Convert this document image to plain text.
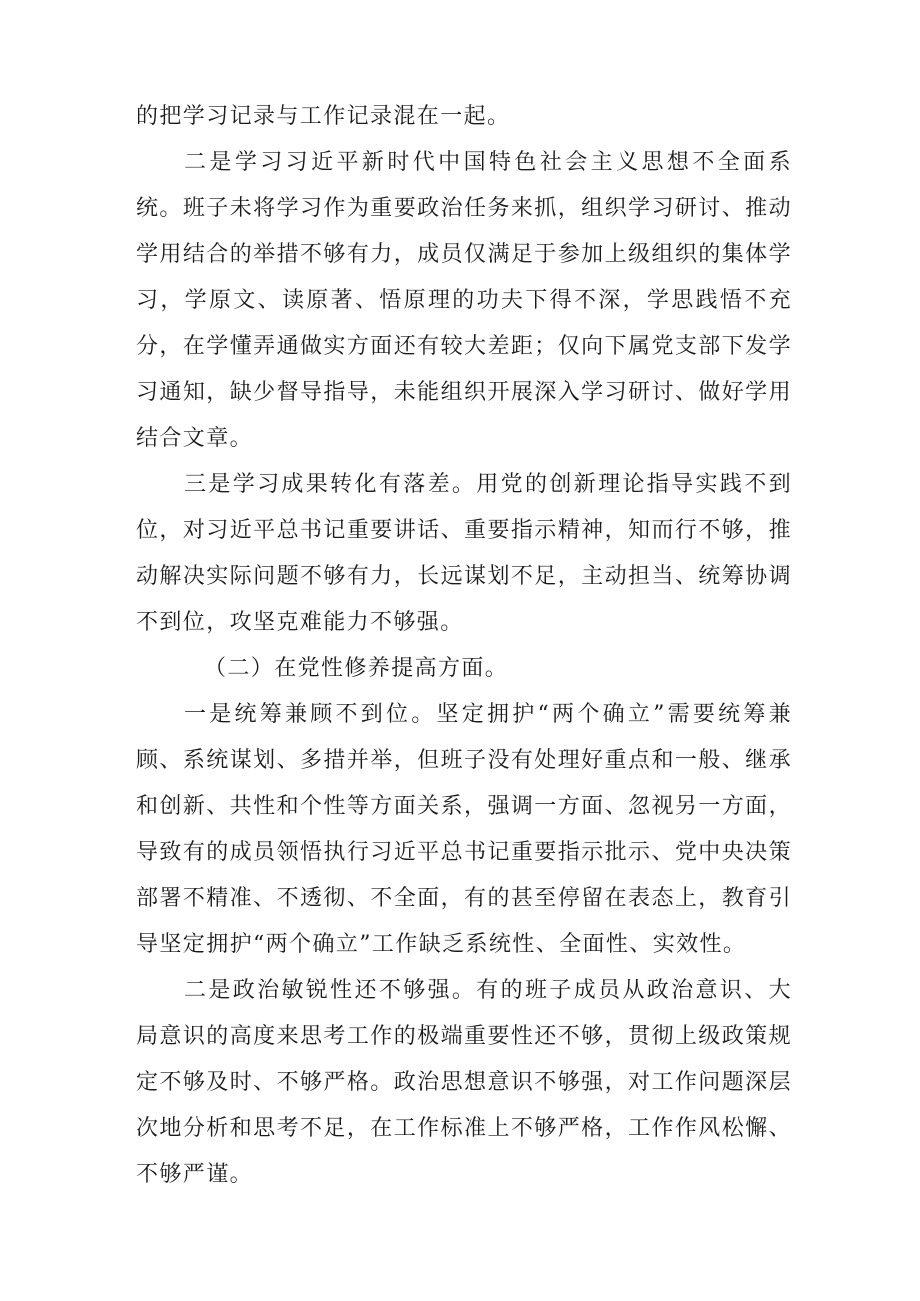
的把学习记录与工作记录混在一起。

二是学习习近平新时代中国特色社会主义思想不全面系统。班子未将学习作为重要政治任务来抓，组织学习研讨、推动学用结合的举措不够有力，成员仅满足于参加上级组织的集体学习，学原文、读原著、悟原理的功夫下得不深，学思践悟不充分，在学懂弄通做实方面还有较大差距；仅向下属党支部下发学习通知，缺少督导指导，未能组织开展深入学习研讨、做好学用结合文章。

三是学习成果转化有落差。用党的创新理论指导实践不到位，对习近平总书记重要讲话、重要指示精神，知而行不够，推动解决实际问题不够有力，长远谋划不足，主动担当、统筹协调不到位，攻坚克难能力不够强。

（二）在党性修养提高方面。

一是统筹兼顾不到位。坚定拥护“两个确立”需要统筹兼顾、系统谋划、多措并举，但班子没有处理好重点和一般、继承和创新、共性和个性等方面关系，强调一方面、忽视另一方面，导致有的成员领悟执行习近平总书记重要指示批示、党中央决策部署不精准、不透彻、不全面，有的甚至停留在表态上，教育引导坚定拥护“两个确立”工作缺乏系统性、全面性、实效性。

二是政治敏锐性还不够强。有的班子成员从政治意识、大局意识的高度来思考工作的极端重要性还不够，贯彻上级政策规定不够及时、不够严格。政治思想意识不够强，对工作问题深层次地分析和思考不足，在工作标准上不够严格，工作作风松懈、不够严谨。
